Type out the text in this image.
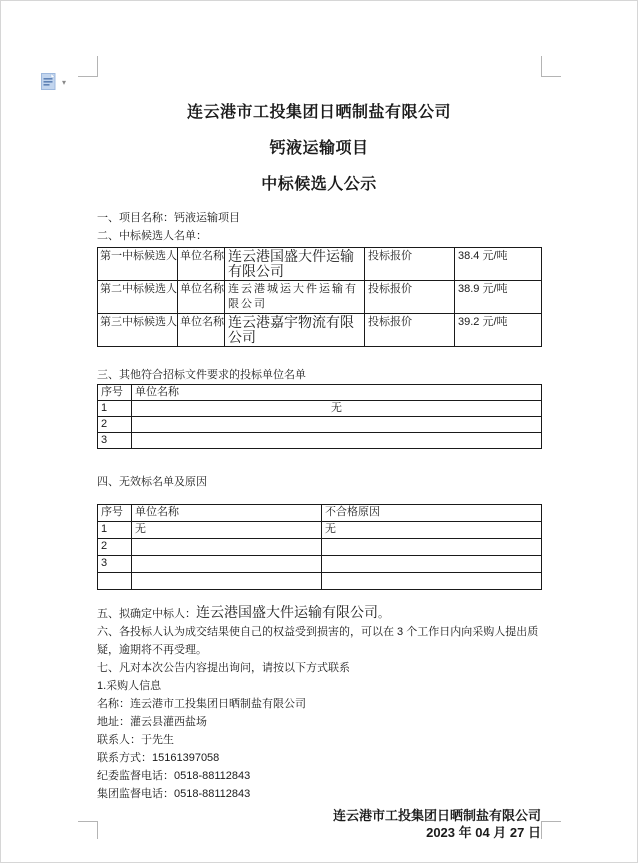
▾
连云港市工投集团日晒制盐有限公司
钙液运输项目
中标候选人公示
一、项目名称：钙液运输项目
二、中标候选人名单：
第一中标候选人	单位名称	连云港国盛大件运输有限公司	投标报价	38.4 元/吨
第二中标候选人	单位名称	连云港城运大件运输有限公司	投标报价	38.9 元/吨
第三中标候选人	单位名称	连云港嘉宇物流有限公司	投标报价	39.2 元/吨
三、其他符合招标文件要求的投标单位名单
序号	单位名称
1	无
2	
3	
四、无效标名单及原因
序号	单位名称	不合格原因
1	无	无
2		
3		

五、拟确定中标人：连云港国盛大件运输有限公司。
六、各投标人认为成交结果使自己的权益受到损害的，可以在 3 个工作日内向采购人提出质疑，逾期将不再受理。
七、凡对本次公告内容提出询问，请按以下方式联系
1.采购人信息
名称：连云港市工投集团日晒制盐有限公司
地址：灌云县灌西盐场
联系人：于先生
联系方式：15161397058
纪委监督电话：0518-88112843
集团监督电话：0518-88112843
连云港市工投集团日晒制盐有限公司
2023 年 04 月 27 日
